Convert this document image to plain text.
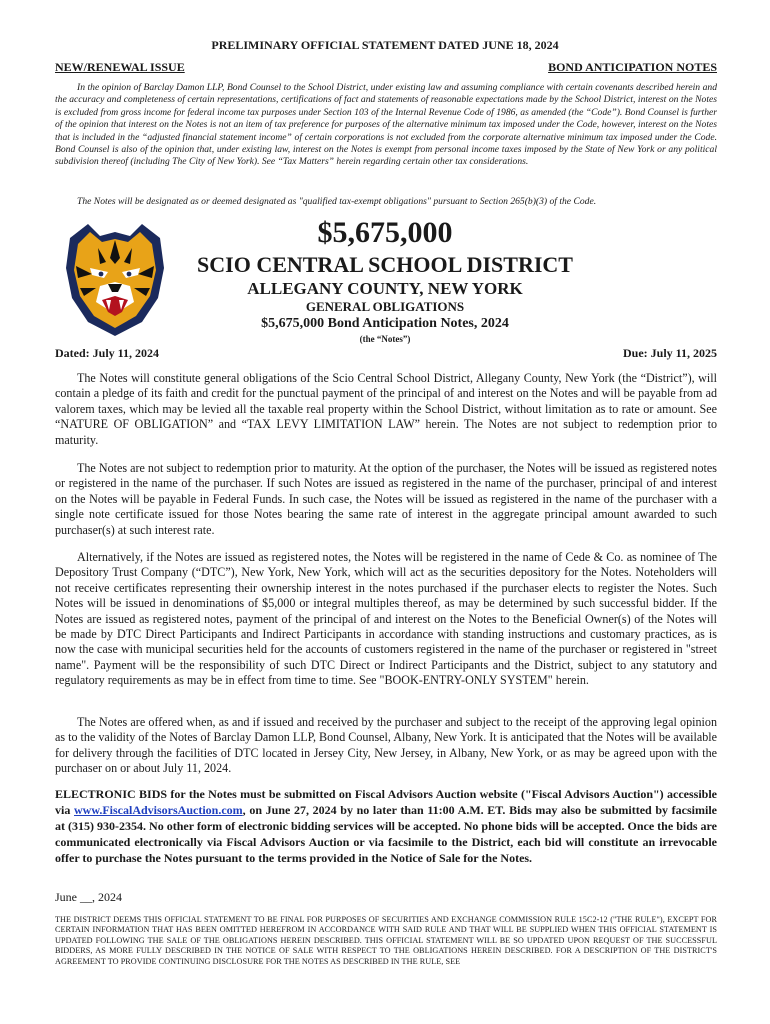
PRELIMINARY OFFICIAL STATEMENT DATED JUNE 18, 2024
NEW/RENEWAL ISSUE	BOND ANTICIPATION NOTES

In the opinion of Barclay Damon LLP, Bond Counsel to the School District, under existing law and assuming compliance with certain covenants described herein and the accuracy and completeness of certain representations, certifications of fact and statements of reasonable expectations made by the School District, interest on the Notes is excluded from gross income for federal income tax purposes under Section 103 of the Internal Revenue Code of 1986, as amended (the “Code”). Bond Counsel is further of the opinion that interest on the Notes is not an item of tax preference for purposes of the alternative minimum tax imposed under the Code, however, interest on the Notes that is included in the “adjusted financial statement income” of certain corporations is not excluded from the corporate alternative minimum tax imposed under the Code. Bond Counsel is also of the opinion that, under existing law, interest on the Notes is exempt from personal income taxes imposed by the State of New York or any political subdivision thereof (including The City of New York). See “Tax Matters” herein regarding certain other tax considerations.

The Notes will be designated as or deemed designated as "qualified tax-exempt obligations" pursuant to Section 265(b)(3) of the Code.

$5,675,000
SCIO CENTRAL SCHOOL DISTRICT
ALLEGANY COUNTY, NEW YORK
GENERAL OBLIGATIONS
$5,675,000 Bond Anticipation Notes, 2024
(the “Notes”)
Dated: July 11, 2024	Due: July 11, 2025

The Notes will constitute general obligations of the Scio Central School District, Allegany County, New York (the “District”), will contain a pledge of its faith and credit for the punctual payment of the principal of and interest on the Notes and will be payable from ad valorem taxes, which may be levied all the taxable real property within the School District, without limitation as to rate or amount. See “NATURE OF OBLIGATION” and “TAX LEVY LIMITATION LAW” herein. The Notes are not subject to redemption prior to maturity.

The Notes are not subject to redemption prior to maturity. At the option of the purchaser, the Notes will be issued as registered notes or registered in the name of the purchaser. If such Notes are issued as registered in the name of the purchaser, principal of and interest on the Notes will be payable in Federal Funds. In such case, the Notes will be issued as registered in the name of the purchaser with a single note certificate issued for those Notes bearing the same rate of interest in the aggregate principal amount awarded to such purchaser(s) at such interest rate.

Alternatively, if the Notes are issued as registered notes, the Notes will be registered in the name of Cede & Co. as nominee of The Depository Trust Company (“DTC”), New York, New York, which will act as the securities depository for the Notes. Noteholders will not receive certificates representing their ownership interest in the notes purchased if the purchaser elects to register the Notes. Such Notes will be issued in denominations of $5,000 or integral multiples thereof, as may be determined by such successful bidder. If the Notes are issued as registered notes, payment of the principal of and interest on the Notes to the Beneficial Owner(s) of the Notes will be made by DTC Direct Participants and Indirect Participants in accordance with standing instructions and customary practices, as is now the case with municipal securities held for the accounts of customers registered in the name of the purchaser or registered in "street name". Payment will be the responsibility of such DTC Direct or Indirect Participants and the District, subject to any statutory and regulatory requirements as may be in effect from time to time. See "BOOK-ENTRY-ONLY SYSTEM" herein.

The Notes are offered when, as and if issued and received by the purchaser and subject to the receipt of the approving legal opinion as to the validity of the Notes of Barclay Damon LLP, Bond Counsel, Albany, New York. It is anticipated that the Notes will be available for delivery through the facilities of DTC located in Jersey City, New Jersey, in Albany, New York, or as may be agreed upon with the purchaser on or about July 11, 2024.

ELECTRONIC BIDS for the Notes must be submitted on Fiscal Advisors Auction website ("Fiscal Advisors Auction") accessible via www.FiscalAdvisorsAuction.com, on June 27, 2024 by no later than 11:00 A.M. ET. Bids may also be submitted by facsimile at (315) 930-2354. No other form of electronic bidding services will be accepted. No phone bids will be accepted. Once the bids are communicated electronically via Fiscal Advisors Auction or via facsimile to the District, each bid will constitute an irrevocable offer to purchase the Notes pursuant to the terms provided in the Notice of Sale for the Notes.

June __, 2024

THE DISTRICT DEEMS THIS OFFICIAL STATEMENT TO BE FINAL FOR PURPOSES OF SECURITIES AND EXCHANGE COMMISSION RULE 15C2-12 ("THE RULE"), EXCEPT FOR CERTAIN INFORMATION THAT HAS BEEN OMITTED HEREFROM IN ACCORDANCE WITH SAID RULE AND THAT WILL BE SUPPLIED WHEN THIS OFFICIAL STATEMENT IS UPDATED FOLLOWING THE SALE OF THE OBLIGATIONS HEREIN DESCRIBED. THIS OFFICIAL STATEMENT WILL BE SO UPDATED UPON REQUEST OF THE SUCCESSFUL BIDDERS, AS MORE FULLY DESCRIBED IN THE NOTICE OF SALE WITH RESPECT TO THE OBLIGATIONS HEREIN DESCRIBED. FOR A DESCRIPTION OF THE DISTRICT'S AGREEMENT TO PROVIDE CONTINUING DISCLOSURE FOR THE NOTES AS DESCRIBED IN THE RULE, SEE
